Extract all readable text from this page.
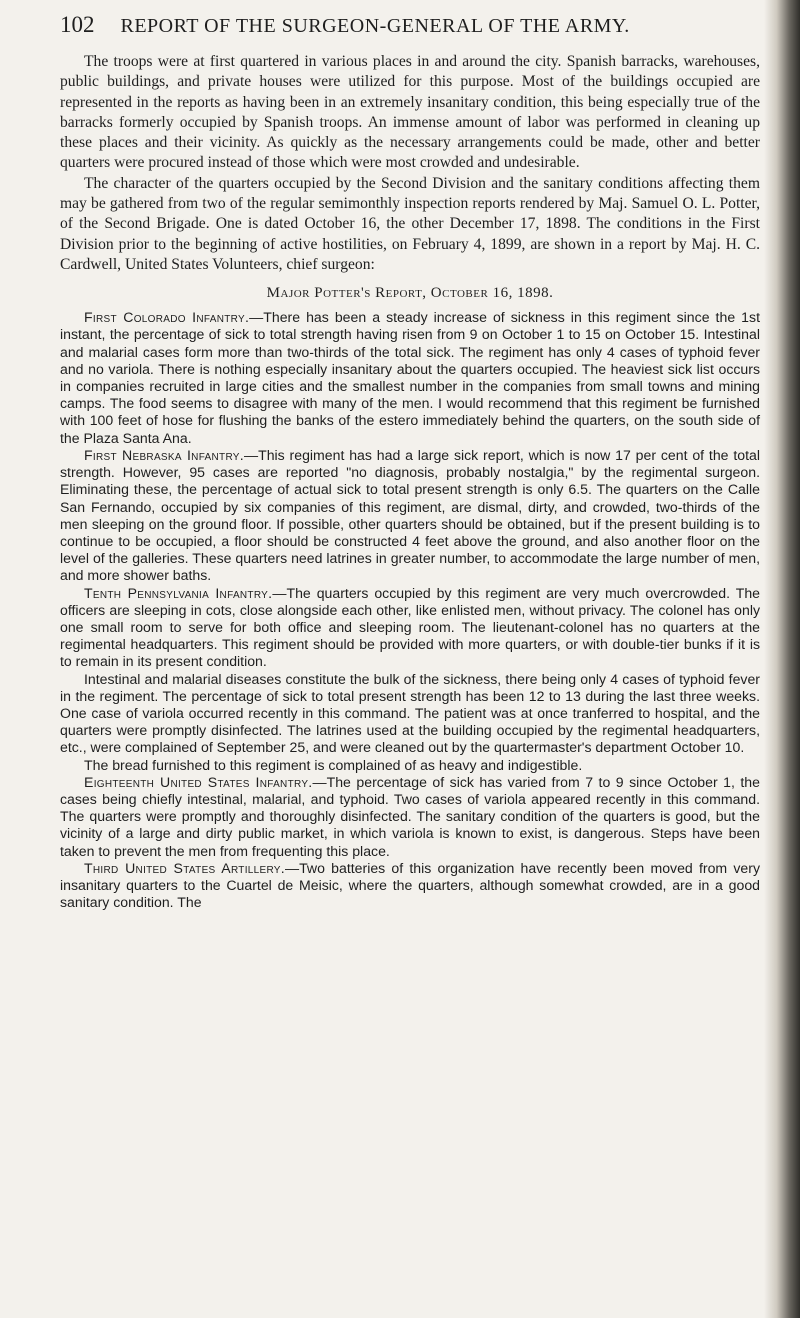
102 REPORT OF THE SURGEON-GENERAL OF THE ARMY.

The troops were at first quartered in various places in and around the city. Spanish barracks, warehouses, public buildings, and private houses were utilized for this purpose. Most of the buildings occupied are represented in the reports as having been in an extremely insanitary condition, this being especially true of the barracks formerly occupied by Spanish troops. An immense amount of labor was performed in cleaning up these places and their vicinity. As quickly as the necessary arrangements could be made, other and better quarters were procured instead of those which were most crowded and undesirable.

The character of the quarters occupied by the Second Division and the sanitary conditions affecting them may be gathered from two of the regular semimonthly inspection reports rendered by Maj. Samuel O. L. Potter, of the Second Brigade. One is dated October 16, the other December 17, 1898. The conditions in the First Division prior to the beginning of active hostilities, on February 4, 1899, are shown in a report by Maj. H. C. Cardwell, United States Volunteers, chief surgeon:

Major Potter's Report, October 16, 1898.

First Colorado Infantry.—There has been a steady increase of sickness in this regiment since the 1st instant, the percentage of sick to total strength having risen from 9 on October 1 to 15 on October 15. Intestinal and malarial cases form more than two-thirds of the total sick. The regiment has only 4 cases of typhoid fever and no variola. There is nothing especially insanitary about the quarters occupied. The heaviest sick list occurs in companies recruited in large cities and the smallest number in the companies from small towns and mining camps. The food seems to disagree with many of the men. I would recommend that this regiment be furnished with 100 feet of hose for flushing the banks of the estero immediately behind the quarters, on the south side of the Plaza Santa Ana.

First Nebraska Infantry.—This regiment has had a large sick report, which is now 17 per cent of the total strength. However, 95 cases are reported "no diagnosis, probably nostalgia," by the regimental surgeon. Eliminating these, the percentage of actual sick to total present strength is only 6.5. The quarters on the Calle San Fernando, occupied by six companies of this regiment, are dismal, dirty, and crowded, two-thirds of the men sleeping on the ground floor. If possible, other quarters should be obtained, but if the present building is to continue to be occupied, a floor should be constructed 4 feet above the ground, and also another floor on the level of the galleries. These quarters need latrines in greater number, to accommodate the large number of men, and more shower baths.

Tenth Pennsylvania Infantry.—The quarters occupied by this regiment are very much overcrowded. The officers are sleeping in cots, close alongside each other, like enlisted men, without privacy. The colonel has only one small room to serve for both office and sleeping room. The lieutenant-colonel has no quarters at the regimental headquarters. This regiment should be provided with more quarters, or with double-tier bunks if it is to remain in its present condition.

Intestinal and malarial diseases constitute the bulk of the sickness, there being only 4 cases of typhoid fever in the regiment. The percentage of sick to total present strength has been 12 to 13 during the last three weeks. One case of variola occurred recently in this command. The patient was at once tranferred to hospital, and the quarters were promptly disinfected. The latrines used at the building occupied by the regimental headquarters, etc., were complained of September 25, and were cleaned out by the quartermaster's department October 10.

The bread furnished to this regiment is complained of as heavy and indigestible.

Eighteenth United States Infantry.—The percentage of sick has varied from 7 to 9 since October 1, the cases being chiefly intestinal, malarial, and typhoid. Two cases of variola appeared recently in this command. The quarters were promptly and thoroughly disinfected. The sanitary condition of the quarters is good, but the vicinity of a large and dirty public market, in which variola is known to exist, is dangerous. Steps have been taken to prevent the men from frequenting this place.

Third United States Artillery.—Two batteries of this organization have recently been moved from very insanitary quarters to the Cuartel de Meisic, where the quarters, although somewhat crowded, are in a good sanitary condition. The
